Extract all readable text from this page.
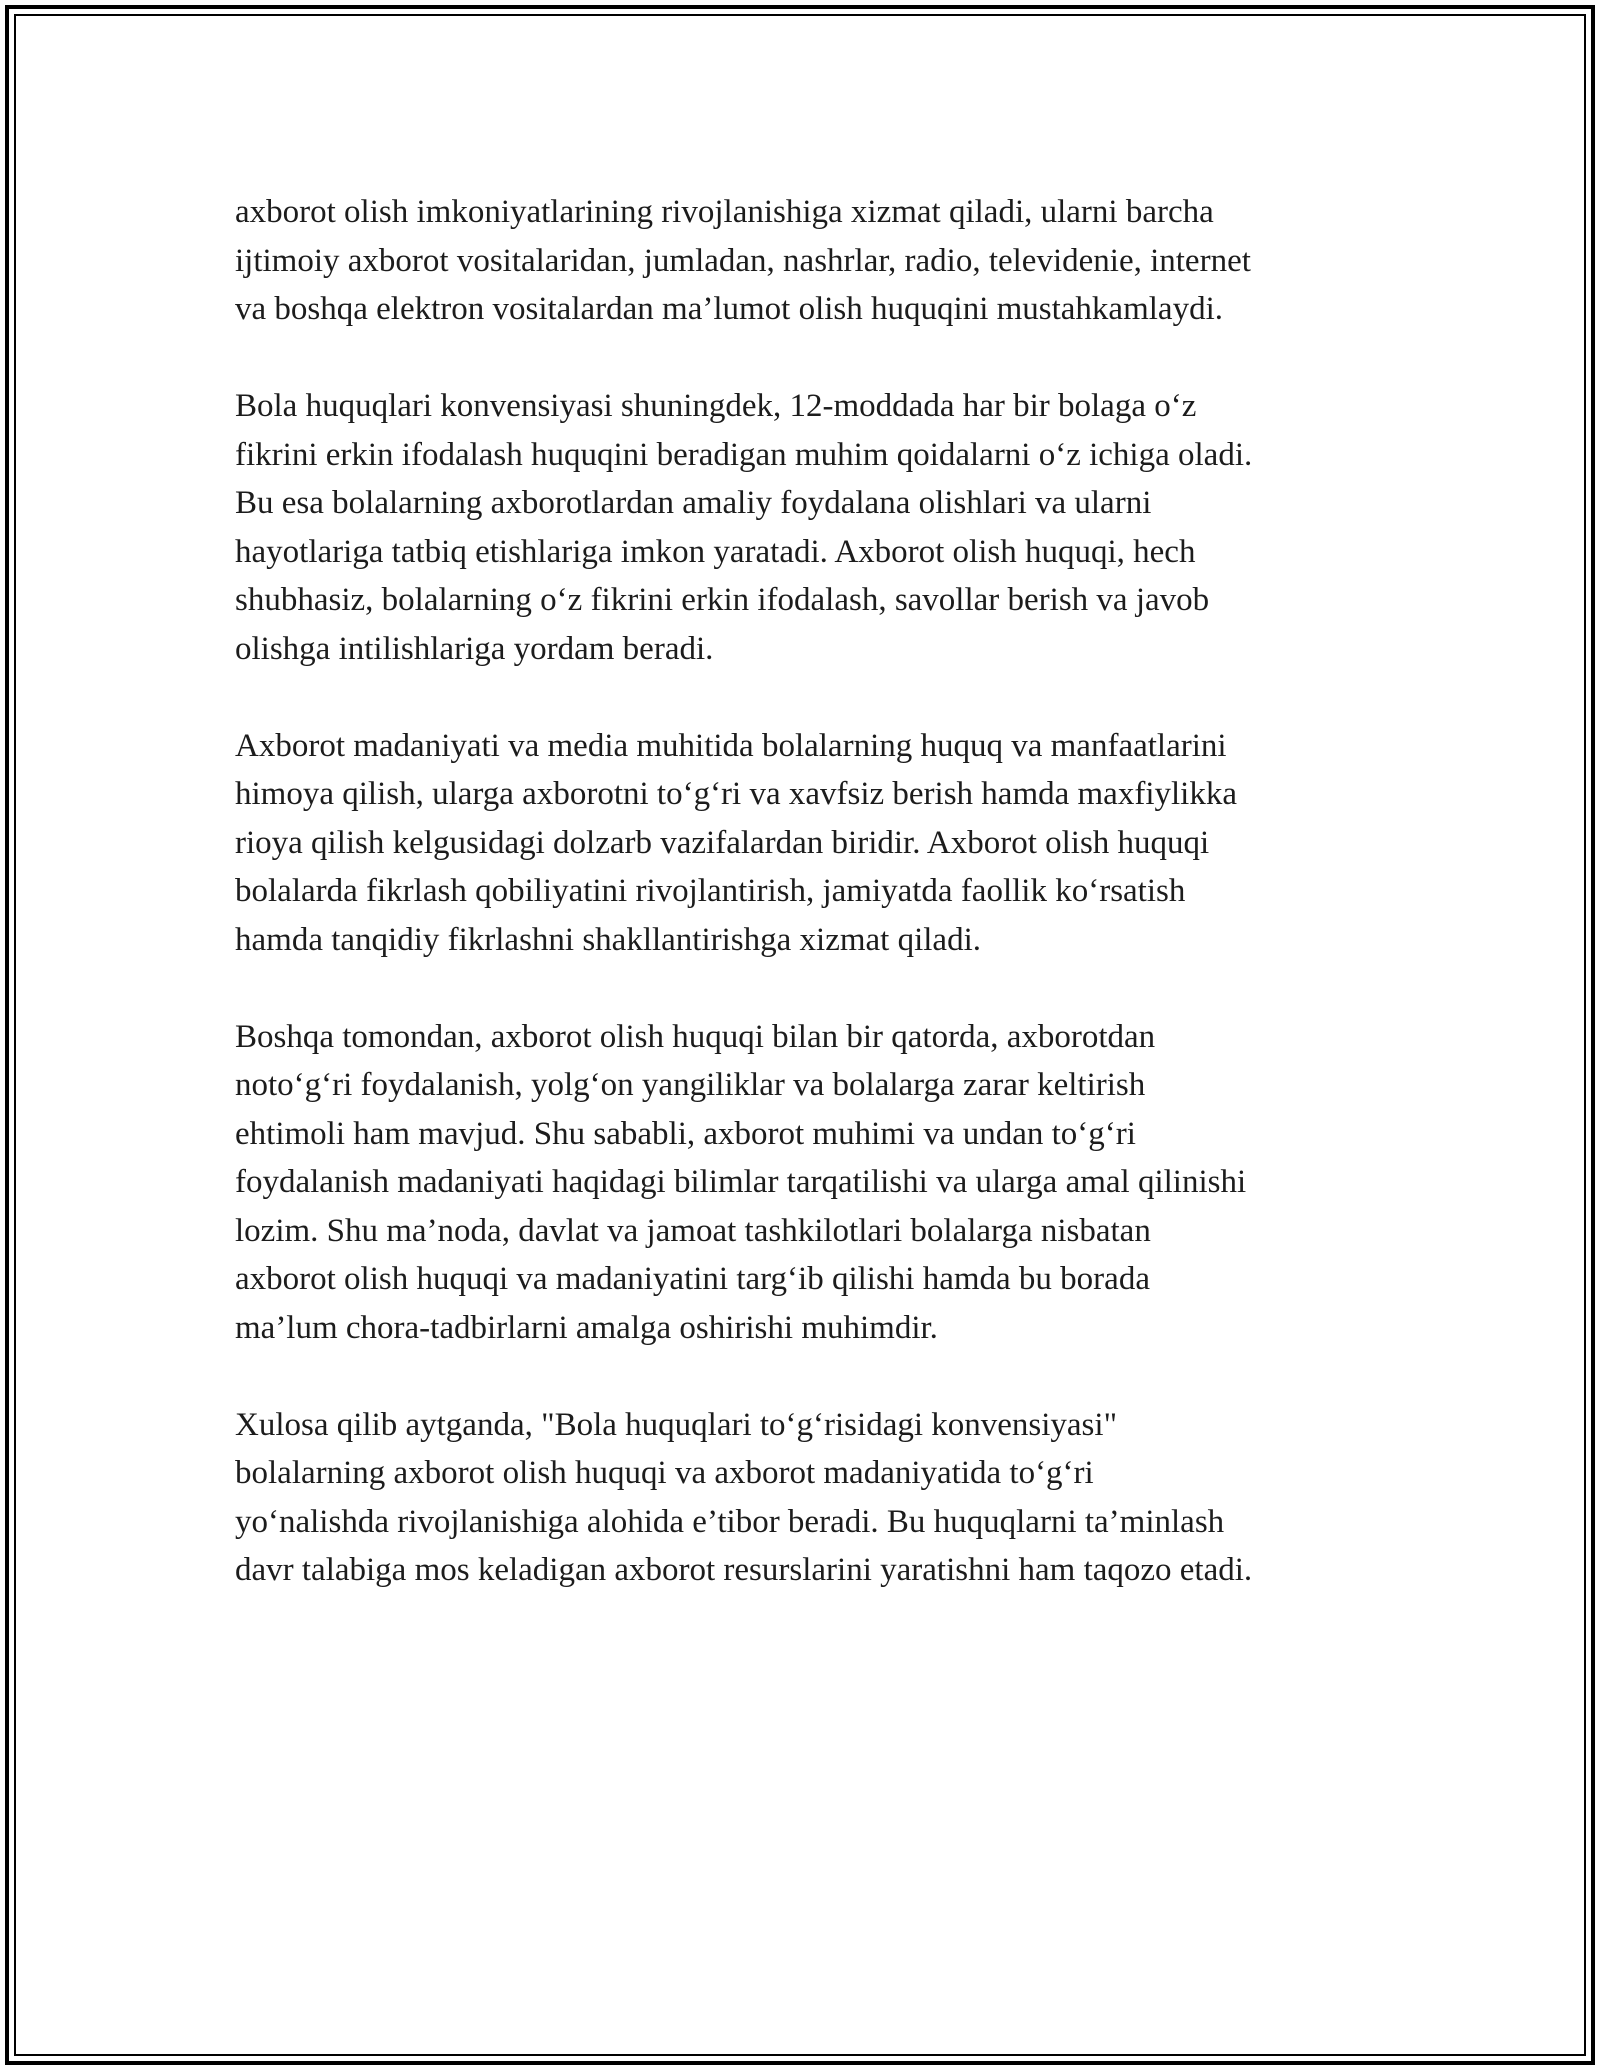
axborot olish imkoniyatlarining rivojlanishiga xizmat qiladi, ularni barcha
ijtimoiy axborot vositalaridan, jumladan, nashrlar, radio, televidenie, internet
va boshqa elektron vositalardan ma’lumot olish huquqini mustahkamlaydi.

Bola huquqlari konvensiyasi shuningdek, 12-moddada har bir bolaga o‘z
fikrini erkin ifodalash huquqini beradigan muhim qoidalarni o‘z ichiga oladi.
Bu esa bolalarning axborotlardan amaliy foydalana olishlari va ularni
hayotlariga tatbiq etishlariga imkon yaratadi. Axborot olish huquqi, hech
shubhasiz, bolalarning o‘z fikrini erkin ifodalash, savollar berish va javob
olishga intilishlariga yordam beradi.

Axborot madaniyati va media muhitida bolalarning huquq va manfaatlarini
himoya qilish, ularga axborotni to‘g‘ri va xavfsiz berish hamda maxfiylikka
rioya qilish kelgusidagi dolzarb vazifalardan biridir. Axborot olish huquqi
bolalarda fikrlash qobiliyatini rivojlantirish, jamiyatda faollik ko‘rsatish
hamda tanqidiy fikrlashni shakllantirishga xizmat qiladi.

Boshqa tomondan, axborot olish huquqi bilan bir qatorda, axborotdan
noto‘g‘ri foydalanish, yolg‘on yangiliklar va bolalarga zarar keltirish
ehtimoli ham mavjud. Shu sababli, axborot muhimi va undan to‘g‘ri
foydalanish madaniyati haqidagi bilimlar tarqatilishi va ularga amal qilinishi
lozim. Shu ma’noda, davlat va jamoat tashkilotlari bolalarga nisbatan
axborot olish huquqi va madaniyatini targ‘ib qilishi hamda bu borada
ma’lum chora-tadbirlarni amalga oshirishi muhimdir.

Xulosa qilib aytganda, "Bola huquqlari to‘g‘risidagi konvensiyasi"
bolalarning axborot olish huquqi va axborot madaniyatida to‘g‘ri
yo‘nalishda rivojlanishiga alohida e’tibor beradi. Bu huquqlarni ta’minlash
davr talabiga mos keladigan axborot resurslarini yaratishni ham taqozo etadi.
